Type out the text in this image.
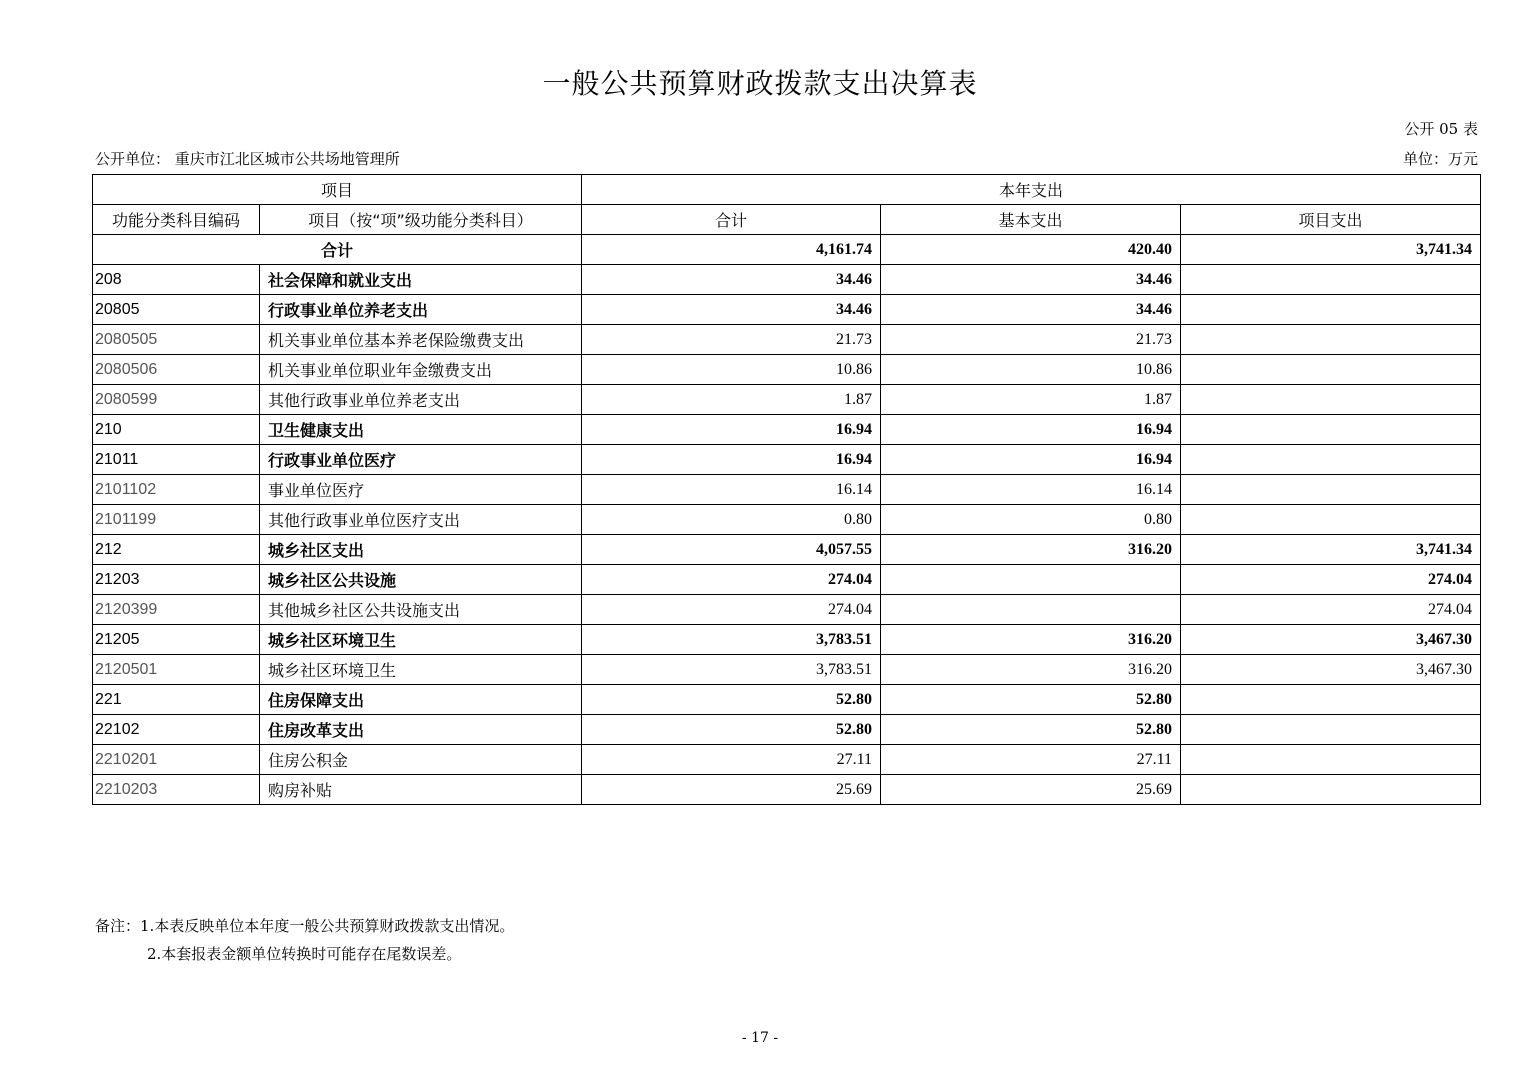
一般公共预算财政拨款支出决算表
公开 05 表
公开单位： 重庆市江北区城市公共场地管理所	单位：万元
项目		本年支出		
功能分类科目编码	项目（按“项”级功能分类科目）	合计	基本支出	项目支出
合计		4,161.74	420.40	3,741.34
208	社会保障和就业支出	34.46	34.46	
20805	行政事业单位养老支出	34.46	34.46	
2080505	机关事业单位基本养老保险缴费支出	21.73	21.73	
2080506	机关事业单位职业年金缴费支出	10.86	10.86	
2080599	其他行政事业单位养老支出	1.87	1.87	
210	卫生健康支出	16.94	16.94	
21011	行政事业单位医疗	16.94	16.94	
2101102	事业单位医疗	16.14	16.14	
2101199	其他行政事业单位医疗支出	0.80	0.80	
212	城乡社区支出	4,057.55	316.20	3,741.34
21203	城乡社区公共设施	274.04		274.04
2120399	其他城乡社区公共设施支出	274.04		274.04
21205	城乡社区环境卫生	3,783.51	316.20	3,467.30
2120501	城乡社区环境卫生	3,783.51	316.20	3,467.30
221	住房保障支出	52.80	52.80	
22102	住房改革支出	52.80	52.80	
2210201	住房公积金	27.11	27.11	
2210203	购房补贴	25.69	25.69	
备注：1.本表反映单位本年度一般公共预算财政拨款支出情况。
2.本套报表金额单位转换时可能存在尾数误差。
- 17 -
